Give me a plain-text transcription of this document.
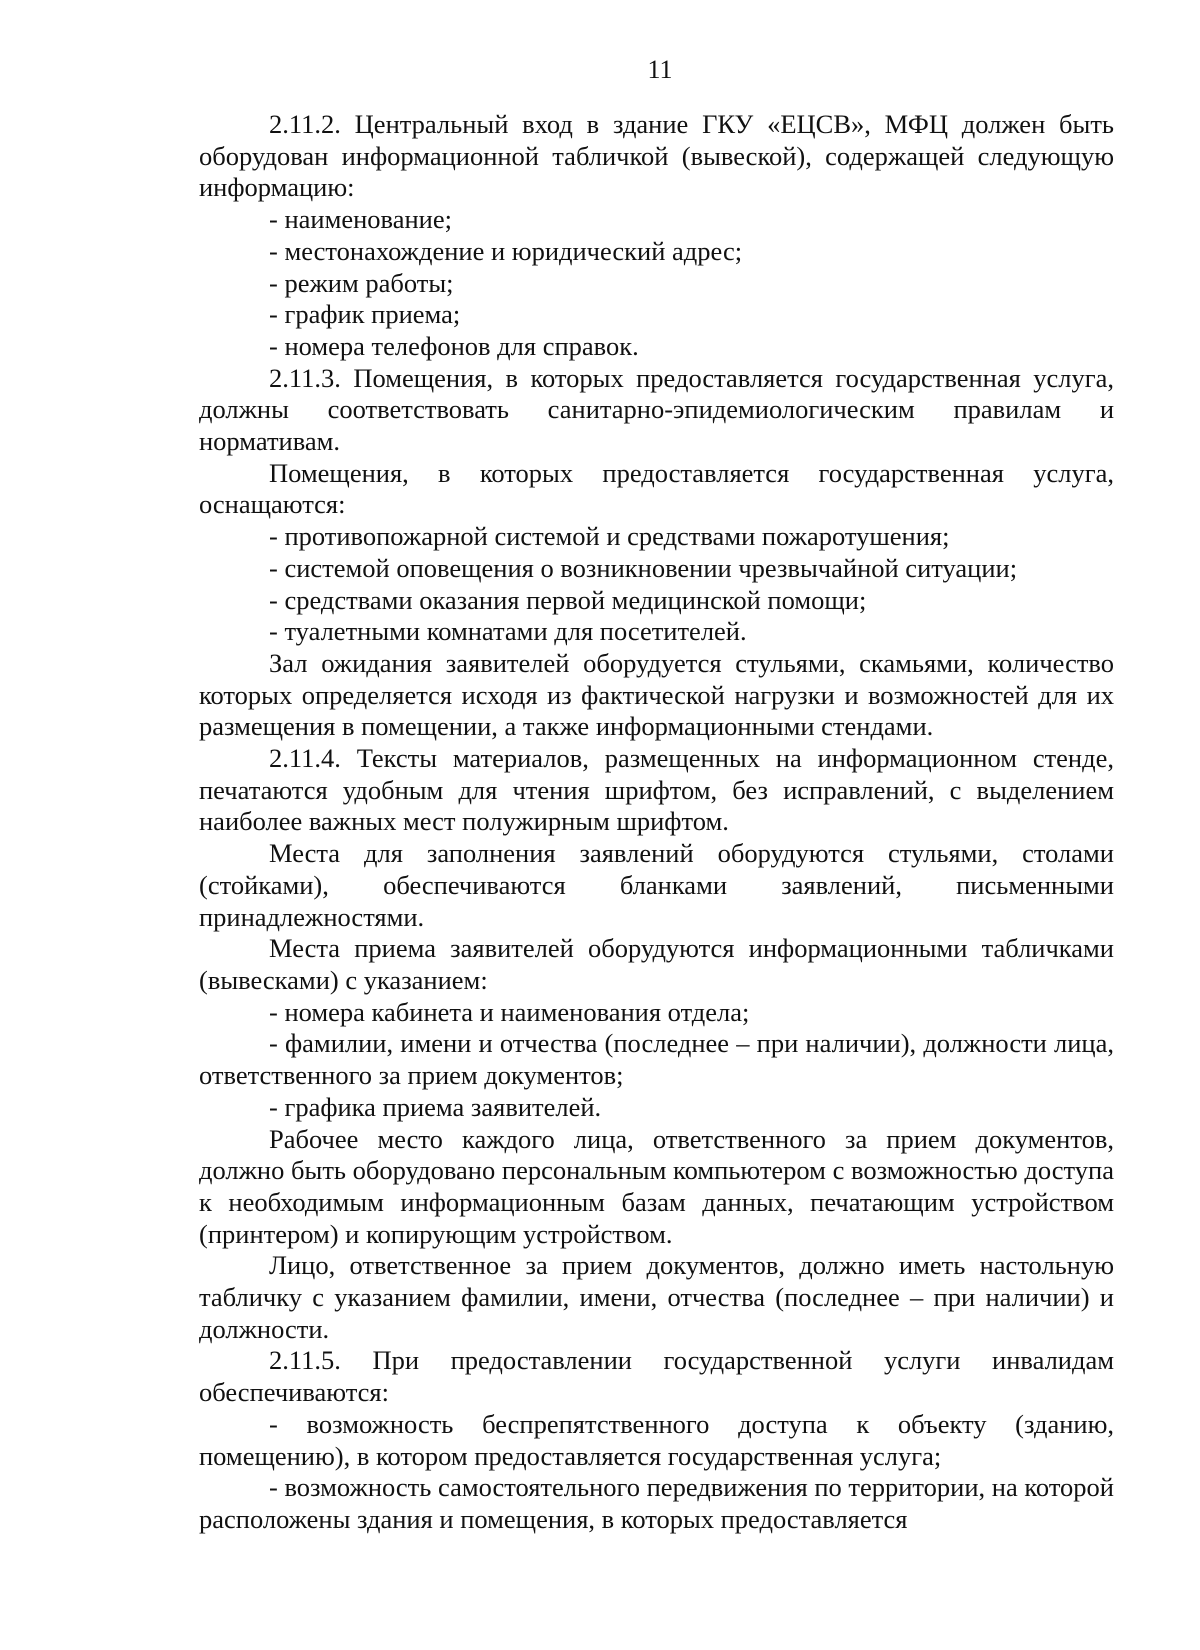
11

2.11.2. Центральный вход в здание ГКУ «ЕЦСВ», МФЦ должен быть оборудован информационной табличкой (вывеской), содержащей следующую информацию:

- наименование;

- местонахождение и юридический адрес;

- режим работы;

- график приема;

- номера телефонов для справок.

2.11.3. Помещения, в которых предоставляется государственная услуга, должны соответствовать санитарно-эпидемиологическим правилам и нормативам.

Помещения, в которых предоставляется государственная услуга, оснащаются:

- противопожарной системой и средствами пожаротушения;

- системой оповещения о возникновении чрезвычайной ситуации;

- средствами оказания первой медицинской помощи;

- туалетными комнатами для посетителей.

Зал ожидания заявителей оборудуется стульями, скамьями, количество которых определяется исходя из фактической нагрузки и возможностей для их размещения в помещении, а также информационными стендами.

2.11.4. Тексты материалов, размещенных на информационном стенде, печатаются удобным для чтения шрифтом, без исправлений, с выделением наиболее важных мест полужирным шрифтом.

Места для заполнения заявлений оборудуются стульями, столами (стойками), обеспечиваются бланками заявлений, письменными принадлежностями.

Места приема заявителей оборудуются информационными табличками (вывесками) с указанием:

- номера кабинета и наименования отдела;

- фамилии, имени и отчества (последнее – при наличии), должности лица, ответственного за прием документов;

- графика приема заявителей.

Рабочее место каждого лица, ответственного за прием документов, должно быть оборудовано персональным компьютером с возможностью доступа к необходимым информационным базам данных, печатающим устройством (принтером) и копирующим устройством.

Лицо, ответственное за прием документов, должно иметь настольную табличку с указанием фамилии, имени, отчества (последнее – при наличии) и должности.

2.11.5. При предоставлении государственной услуги инвалидам обеспечиваются:

- возможность беспрепятственного доступа к объекту (зданию, помещению), в котором предоставляется государственная услуга;

- возможность самостоятельного передвижения по территории, на которой расположены здания и помещения, в которых предоставляется
